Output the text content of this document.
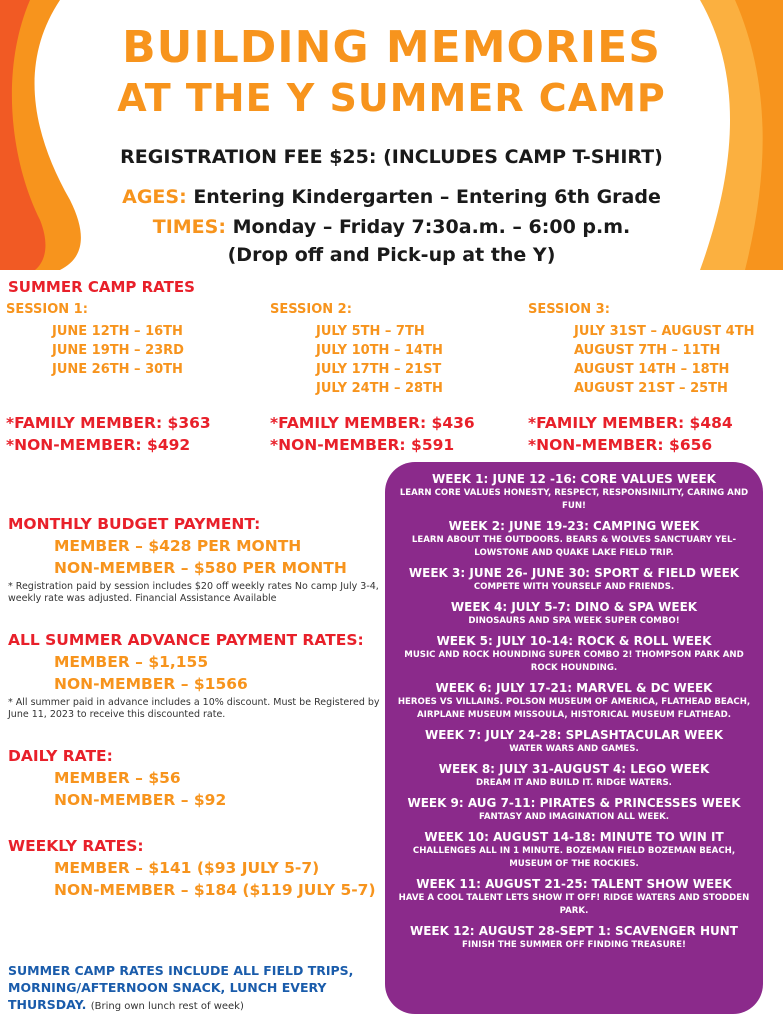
BUILDING MEMORIES
AT THE Y SUMMER CAMP
REGISTRATION FEE $25: (INCLUDES CAMP T-SHIRT)
AGES: Entering Kindergarten – Entering 6th Grade
TIMES: Monday – Friday 7:30a.m. – 6:00 p.m.
(Drop off and Pick-up at the Y)
SUMMER CAMP RATES
SESSION 1:
JUNE 12TH – 16TH
JUNE 19TH – 23RD
JUNE 26TH – 30TH
SESSION 2:
JULY 5TH – 7TH
JULY 10TH – 14TH
JULY 17TH – 21ST
JULY 24TH – 28TH
SESSION 3:
JULY 31ST – AUGUST 4TH
AUGUST 7TH – 11TH
AUGUST 14TH – 18TH
AUGUST 21ST – 25TH
*FAMILY MEMBER: $363
*NON-MEMBER: $492
*FAMILY MEMBER: $436
*NON-MEMBER: $591
*FAMILY MEMBER: $484
*NON-MEMBER: $656
MONTHLY BUDGET PAYMENT:
MEMBER – $428 PER MONTH
NON-MEMBER – $580 PER MONTH
* Registration paid by session includes $20 off weekly rates No camp July 3-4, weekly rate was adjusted. Financial Assistance Available
ALL SUMMER ADVANCE PAYMENT RATES:
MEMBER – $1,155
NON-MEMBER – $1566
* All summer paid in advance includes a 10% discount. Must be Registered by June 11, 2023 to receive this discounted rate.
DAILY RATE:
MEMBER – $56
NON-MEMBER – $92
WEEKLY RATES:
MEMBER – $141 ($93 JULY 5-7)
NON-MEMBER – $184 ($119 JULY 5-7)
SUMMER CAMP RATES INCLUDE ALL FIELD TRIPS, MORNING/AFTERNOON SNACK, LUNCH EVERY THURSDAY. (Bring own lunch rest of week)
WEEK 1: JUNE 12 -16: CORE VALUES WEEK
LEARN CORE VALUES HONESTY, RESPECT, RESPONSINILITY, CARING AND FUN!
WEEK 2: JUNE 19-23: CAMPING WEEK
LEARN ABOUT THE OUTDOORS. BEARS & WOLVES SANCTUARY YEL-LOWSTONE AND QUAKE LAKE FIELD TRIP.
WEEK 3: JUNE 26- JUNE 30: SPORT & FIELD WEEK
COMPETE WITH YOURSELF AND FRIENDS.
WEEK 4: JULY 5-7: DINO & SPA WEEK
DINOSAURS AND SPA WEEK SUPER COMBO!
WEEK 5: JULY 10-14: ROCK & ROLL WEEK
MUSIC AND ROCK HOUNDING SUPER COMBO 2! THOMPSON PARK AND ROCK HOUNDING.
WEEK 6: JULY 17-21: MARVEL & DC WEEK
HEROES VS VILLAINS. POLSON MUSEUM OF AMERICA, FLATHEAD BEACH, AIRPLANE MUSEUM MISSOULA, HISTORICAL MUSEUM FLATHEAD.
WEEK 7: JULY 24-28: SPLASHTACULAR WEEK
WATER WARS AND GAMES.
WEEK 8: JULY 31-AUGUST 4: LEGO WEEK
DREAM IT AND BUILD IT. RIDGE WATERS.
WEEK 9: AUG 7-11: PIRATES & PRINCESSES WEEK
FANTASY AND IMAGINATION ALL WEEK.
WEEK 10: AUGUST 14-18: MINUTE TO WIN IT
CHALLENGES ALL IN 1 MINUTE. BOZEMAN FIELD BOZEMAN BEACH, MUSEUM OF THE ROCKIES.
WEEK 11: AUGUST 21-25: TALENT SHOW WEEK
HAVE A COOL TALENT LETS SHOW IT OFF! RIDGE WATERS AND STODDEN PARK.
WEEK 12: AUGUST 28-SEPT 1: SCAVENGER HUNT
FINISH THE SUMMER OFF FINDING TREASURE!
